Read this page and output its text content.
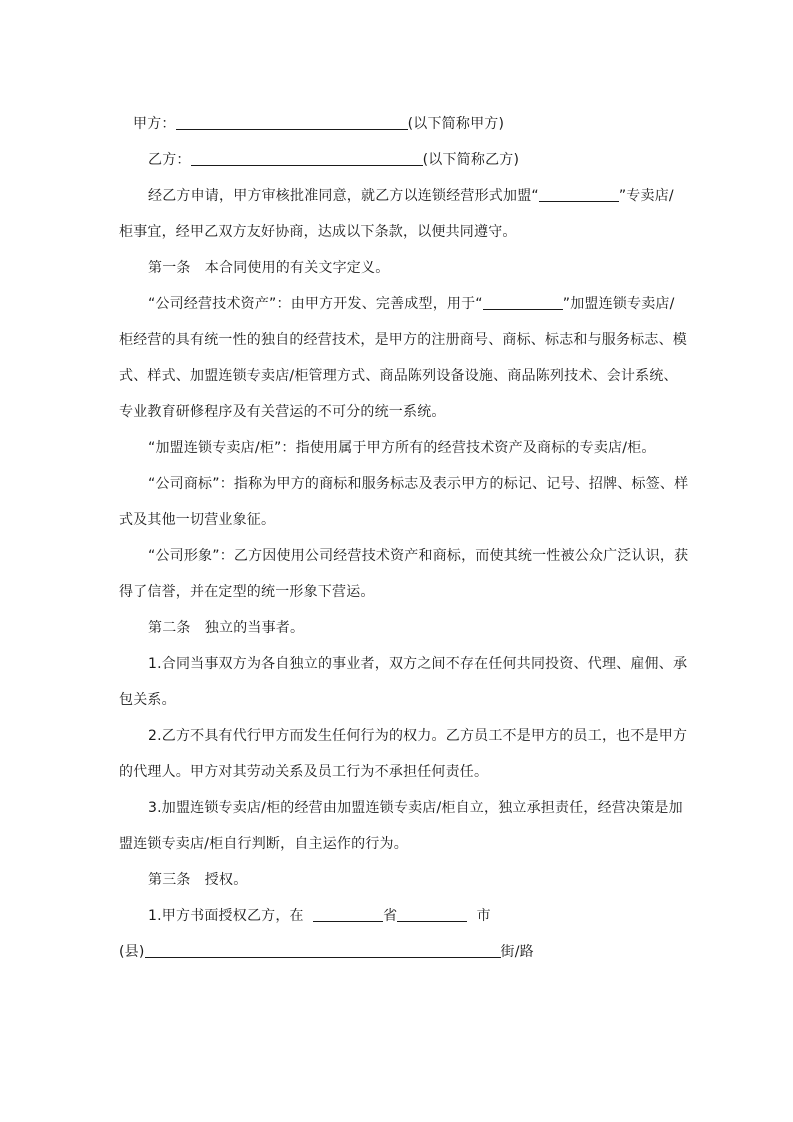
甲方：	(以下简称甲方)
乙方：	(以下简称乙方)
经乙方申请，甲方审核批准同意，就乙方以连锁经营形式加盟“	”专卖店/
柜事宜，经甲乙双方友好协商，达成以下条款，以便共同遵守。
第一条　本合同使用的有关文字定义。
“公司经营技术资产”：由甲方开发、完善成型，用于“	”加盟连锁专卖店/
柜经营的具有统一性的独自的经营技术，是甲方的注册商号、商标、标志和与服务标志、模
式、样式、加盟连锁专卖店/柜管理方式、商品陈列设备设施、商品陈列技术、会计系统、
专业教育研修程序及有关营运的不可分的统一系统。
“加盟连锁专卖店/柜”：指使用属于甲方所有的经营技术资产及商标的专卖店/柜。
“公司商标”：指称为甲方的商标和服务标志及表示甲方的标记、记号、招牌、标签、样
式及其他一切营业象征。
“公司形象”：乙方因使用公司经营技术资产和商标，而使其统一性被公众广泛认识，获
得了信誉，并在定型的统一形象下营运。
第二条　独立的当事者。
1.合同当事双方为各自独立的事业者，双方之间不存在任何共同投资、代理、雇佣、承
包关系。
2.乙方不具有代行甲方而发生任何行为的权力。乙方员工不是甲方的员工，也不是甲方
的代理人。甲方对其劳动关系及员工行为不承担任何责任。
3.加盟连锁专卖店/柜的经营由加盟连锁专卖店/柜自立，独立承担责任，经营决策是加
盟连锁专卖店/柜自行判断，自主运作的行为。
第三条　授权。
1.甲方书面授权乙方，在	省	市
(县)	街/路
